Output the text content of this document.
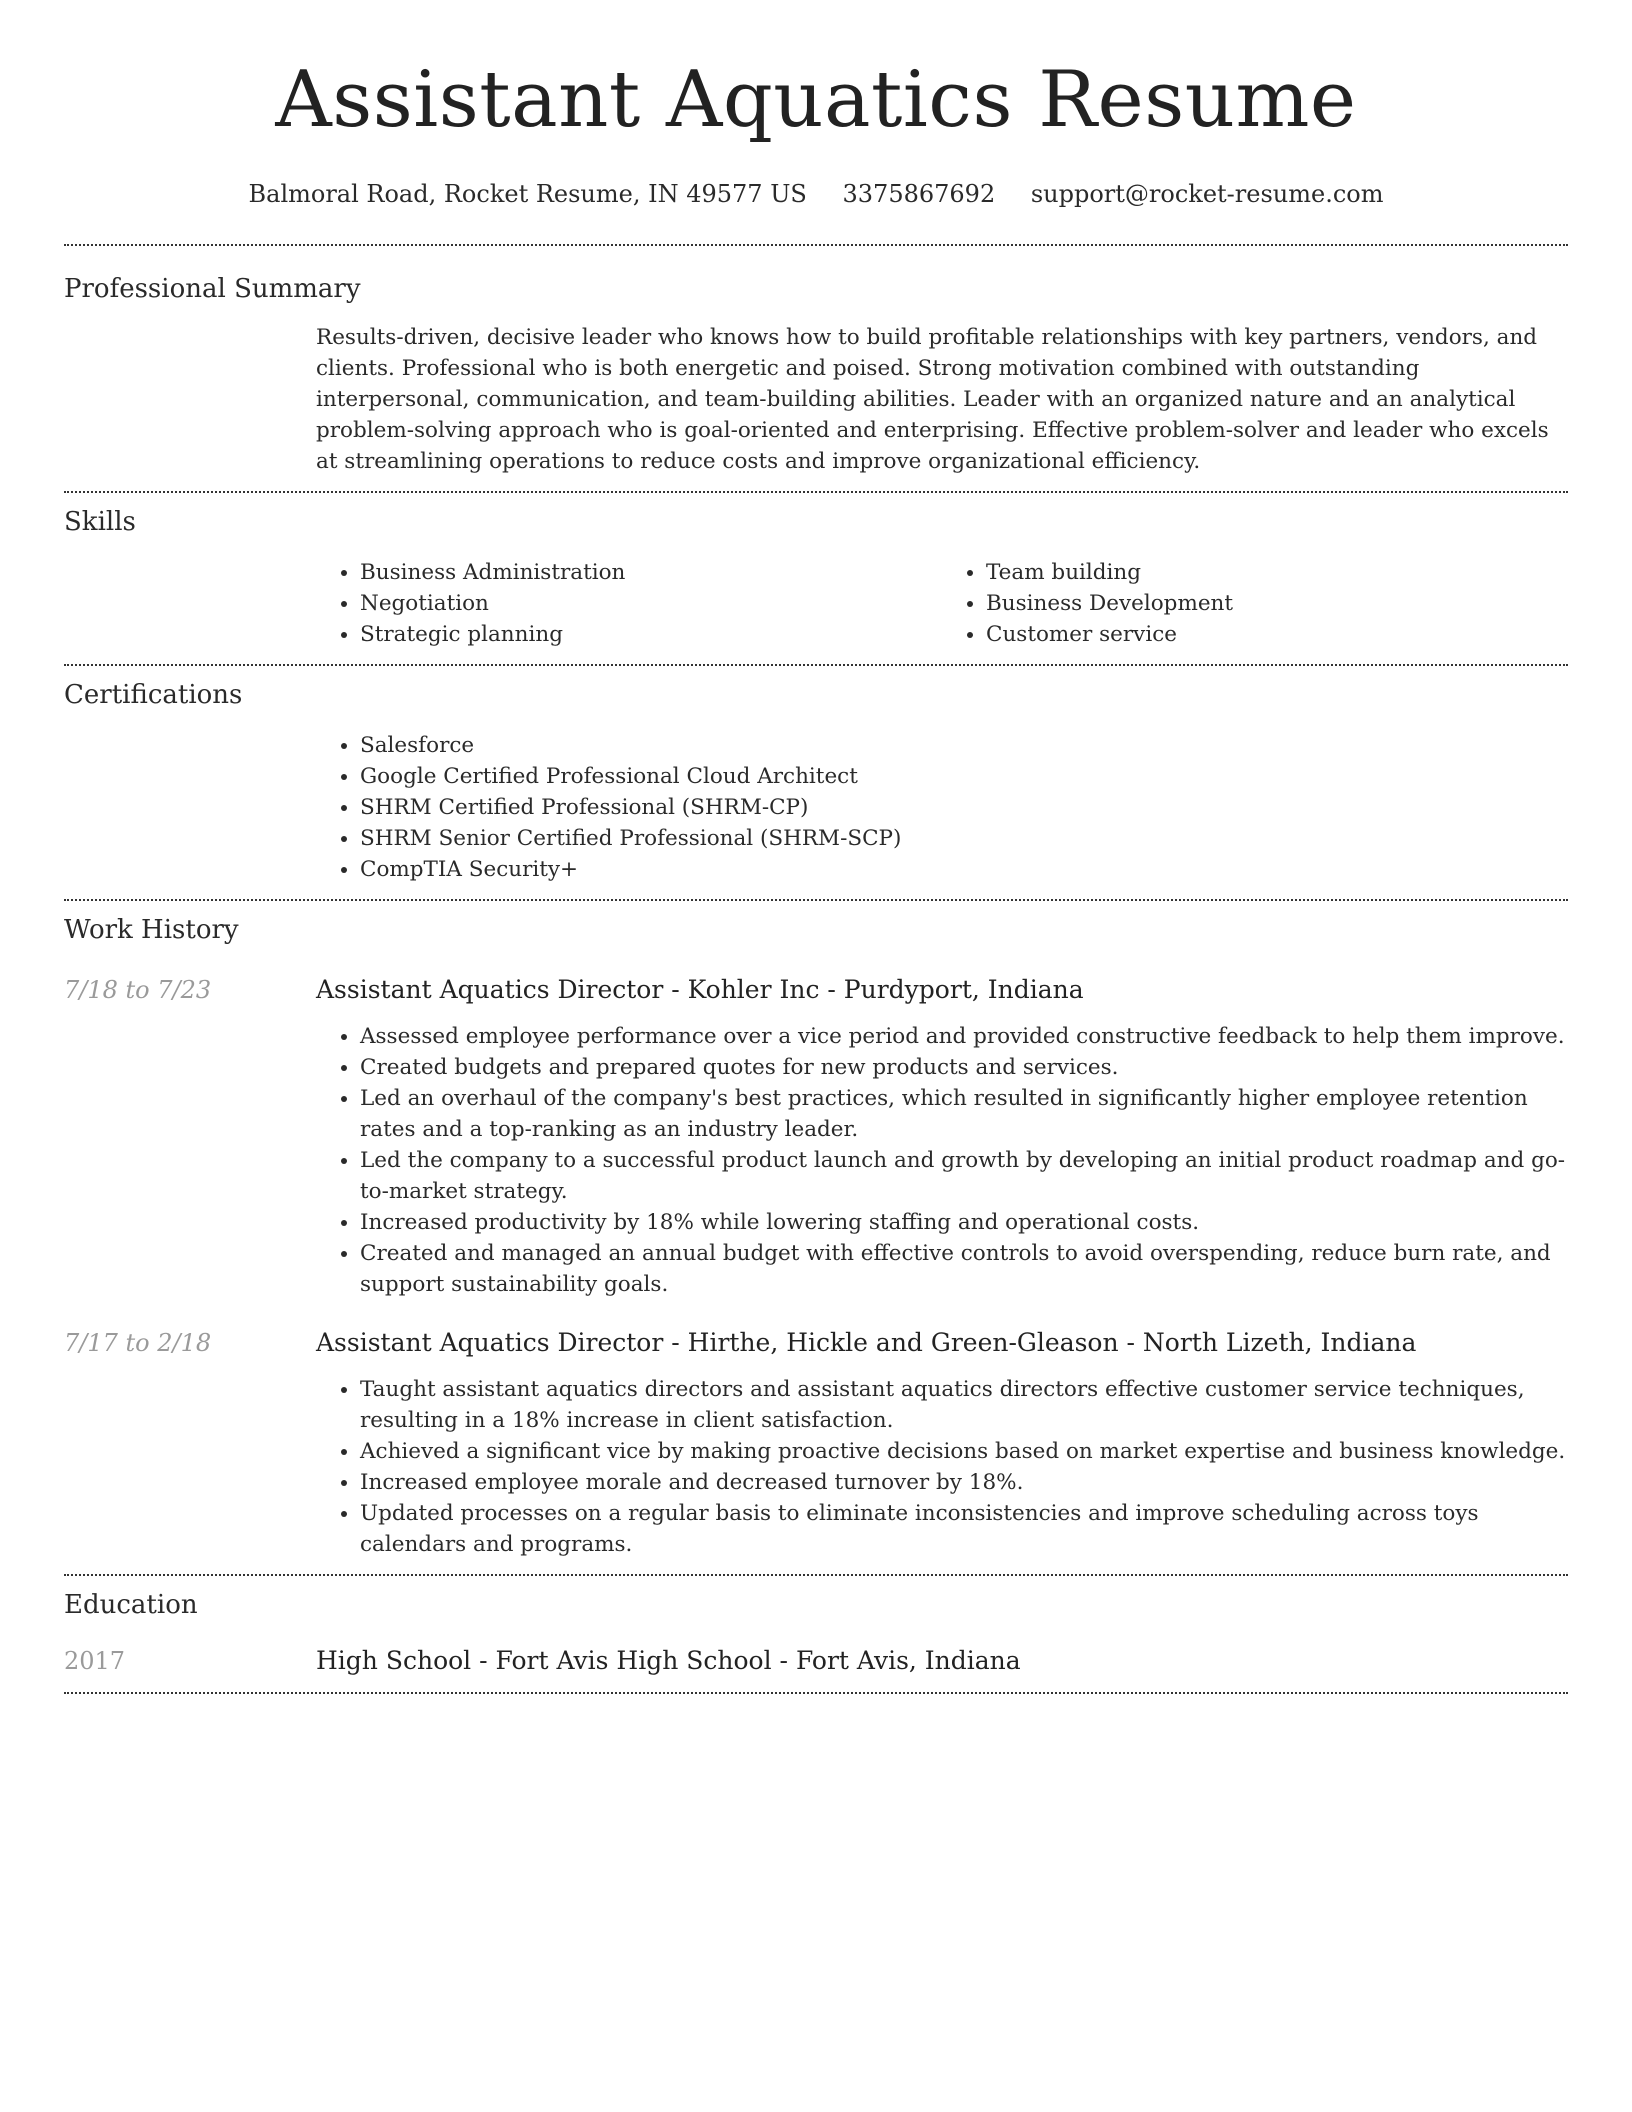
Assistant Aquatics Resume
Balmoral Road, Rocket Resume, IN 49577 US 3375867692 support@rocket-resume.com
Professional Summary

Results-driven, decisive leader who knows how to build profitable relationships with key partners, vendors, and clients. Professional who is both energetic and poised. Strong motivation combined with outstanding interpersonal, communication, and team-building abilities. Leader with an organized nature and an analytical problem-solving approach who is goal-oriented and enterprising. Effective problem-solver and leader who excels at streamlining operations to reduce costs and improve organizational efficiency.

Skills
• Business Administration
• Negotiation
• Strategic planning
• Team building
• Business Development
• Customer service
Certifications
• Salesforce
• Google Certified Professional Cloud Architect
• SHRM Certified Professional (SHRM-CP)
• SHRM Senior Certified Professional (SHRM-SCP)
• CompTIA Security+
Work History
7/18 to 7/23	Assistant Aquatics Director - Kohler Inc - Purdyport, Indiana
• Assessed employee performance over a vice period and provided constructive feedback to help them improve.
• Created budgets and prepared quotes for new products and services.
• Led an overhaul of the company's best practices, which resulted in significantly higher employee retention rates and a top-ranking as an industry leader.
• Led the company to a successful product launch and growth by developing an initial product roadmap and go-to-market strategy.
• Increased productivity by 18% while lowering staffing and operational costs.
• Created and managed an annual budget with effective controls to avoid overspending, reduce burn rate, and support sustainability goals.
7/17 to 2/18	Assistant Aquatics Director - Hirthe, Hickle and Green-Gleason - North Lizeth, Indiana
• Taught assistant aquatics directors and assistant aquatics directors effective customer service techniques, resulting in a 18% increase in client satisfaction.
• Achieved a significant vice by making proactive decisions based on market expertise and business knowledge.
• Increased employee morale and decreased turnover by 18%.
• Updated processes on a regular basis to eliminate inconsistencies and improve scheduling across toys calendars and programs.
Education
2017	High School - Fort Avis High School - Fort Avis, Indiana
